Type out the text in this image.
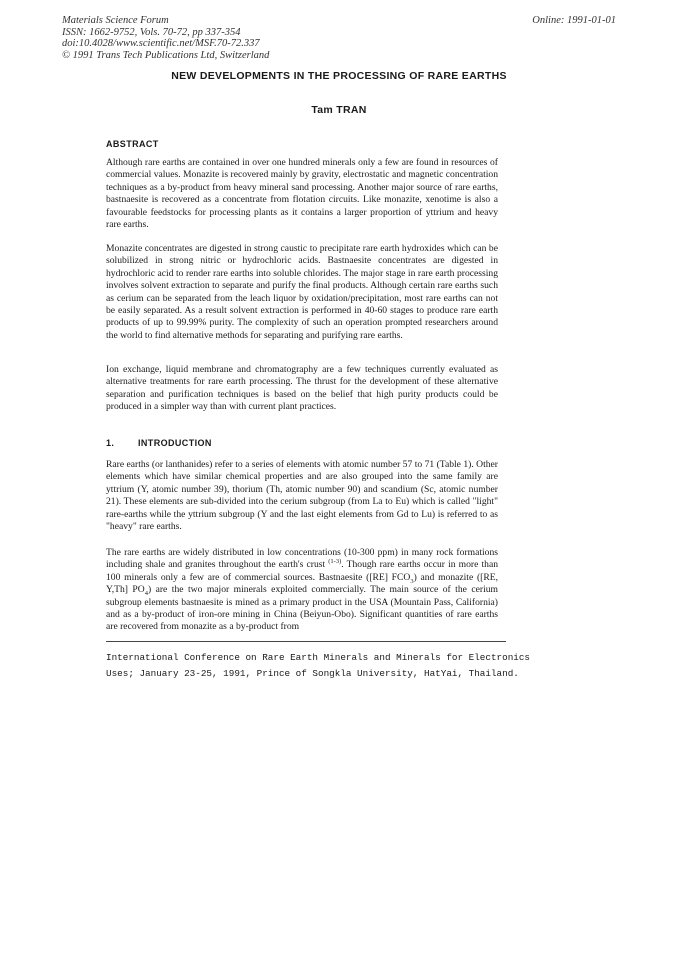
Materials Science Forum
ISSN: 1662-9752, Vols. 70-72, pp 337-354
doi:10.4028/www.scientific.net/MSF.70-72.337
© 1991 Trans Tech Publications Ltd, Switzerland
Online: 1991-01-01
NEW DEVELOPMENTS IN THE PROCESSING OF RARE EARTHS
Tam TRAN
ABSTRACT

Although rare earths are contained in over one hundred minerals only a few are found in resources of commercial values. Monazite is recovered mainly by gravity, electrostatic and magnetic concentration techniques as a by-product from heavy mineral sand processing. Another major source of rare earths, bastnaesite is recovered as a concentrate from flotation circuits. Like monazite, xenotime is also a favourable feedstocks for processing plants as it contains a larger proportion of yttrium and heavy rare earths.

Monazite concentrates are digested in strong caustic to precipitate rare earth hydroxides which can be solubilized in strong nitric or hydrochloric acids. Bastnaesite concentrates are digested in hydrochloric acid to render rare earths into soluble chlorides. The major stage in rare earth processing involves solvent extraction to separate and purify the final products. Although certain rare earths such as cerium can be separated from the leach liquor by oxidation/precipitation, most rare earths can not be easily separated. As a result solvent extraction is performed in 40-60 stages to produce rare earth products of up to 99.99% purity. The complexity of such an operation prompted researchers around the world to find alternative methods for separating and purifying rare earths.

Ion exchange, liquid membrane and chromatography are a few techniques currently evaluated as alternative treatments for rare earth processing. The thrust for the development of these alternative separation and purification techniques is based on the belief that high purity products could be produced in a simpler way than with current plant practices.

1.	INTRODUCTION

Rare earths (or lanthanides) refer to a series of elements with atomic number 57 to 71 (Table 1). Other elements which have similar chemical properties and are also grouped into the same family are yttrium (Y, atomic number 39), thorium (Th, atomic number 90) and scandium (Sc, atomic number 21). These elements are sub-divided into the cerium subgroup (from La to Eu) which is called "light" rare-earths while the yttrium subgroup (Y and the last eight elements from Gd to Lu) is referred to as "heavy" rare earths.

The rare earths are widely distributed in low concentrations (10-300 ppm) in many rock formations including shale and granites throughout the earth's crust $^{(1-3)}$. Though rare earths occur in more than 100 minerals only a few are of commercial sources. Bastnaesite ([RE] $FCO_3$) and monazite ([RE, Y,Th] $PO_4$) are the two major minerals exploited commercially. The main source of the cerium subgroup elements bastnaesite is mined as a primary product in the USA (Mountain Pass, California) and as a by-product of iron-ore mining in China (Beiyun-Obo). Significant quantities of rare earths are recovered from monazite as a by-product from

International Conference on Rare Earth Minerals and Minerals for Electronics
Uses; January 23-25, 1991, Prince of Songkla University, HatYai, Thailand.
